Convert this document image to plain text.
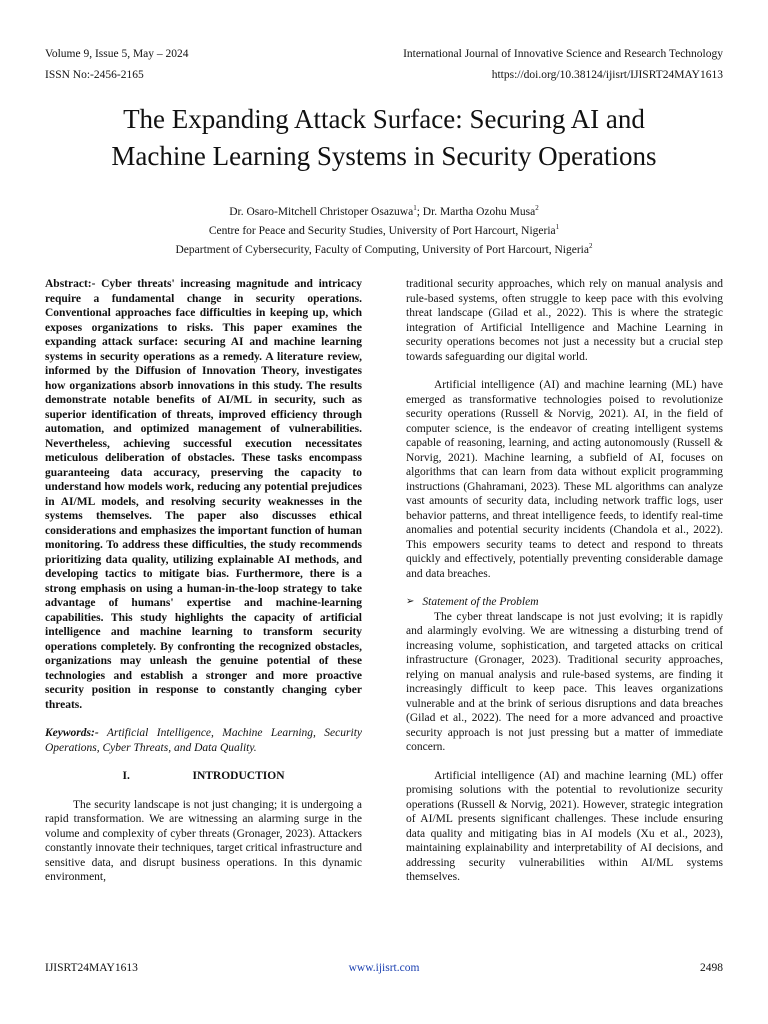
Volume 9, Issue 5, May – 2024	International Journal of Innovative Science and Research Technology
ISSN No:-2456-2165	https://doi.org/10.38124/ijisrt/IJISRT24MAY1613
The Expanding Attack Surface: Securing AI and
Machine Learning Systems in Security Operations
Dr. Osaro-Mitchell Christoper Osazuwa$^1$; Dr. Martha Ozohu Musa$^2$
Centre for Peace and Security Studies, University of Port Harcourt, Nigeria$^1$
Department of Cybersecurity, Faculty of Computing, University of Port Harcourt, Nigeria$^2$

Abstract:- Cyber threats' increasing magnitude and intricacy require a fundamental change in security operations. Conventional approaches face difficulties in keeping up, which exposes organizations to risks. This paper examines the expanding attack surface: securing AI and machine learning systems in security operations as a remedy. A literature review, informed by the Diffusion of Innovation Theory, investigates how organizations absorb innovations in this study. The results demonstrate notable benefits of AI/ML in security, such as superior identification of threats, improved efficiency through automation, and optimized management of vulnerabilities. Nevertheless, achieving successful execution necessitates meticulous deliberation of obstacles. These tasks encompass guaranteeing data accuracy, preserving the capacity to understand how models work, reducing any potential prejudices in AI/ML models, and resolving security weaknesses in the systems themselves. The paper also discusses ethical considerations and emphasizes the important function of human monitoring. To address these difficulties, the study recommends prioritizing data quality, utilizing explainable AI methods, and developing tactics to mitigate bias. Furthermore, there is a strong emphasis on using a human-in-the-loop strategy to take advantage of humans' expertise and machine-learning capabilities. This study highlights the capacity of artificial intelligence and machine learning to transform security operations completely. By confronting the recognized obstacles, organizations may unleash the genuine potential of these technologies and establish a stronger and more proactive security position in response to constantly changing cyber threats.

Keywords:- Artificial Intelligence, Machine Learning, Security Operations, Cyber Threats, and Data Quality.

I.	INTRODUCTION

The security landscape is not just changing; it is undergoing a rapid transformation. We are witnessing an alarming surge in the volume and complexity of cyber threats (Gronager, 2023). Attackers constantly innovate their techniques, target critical infrastructure and sensitive data, and disrupt business operations. In this dynamic environment,

traditional security approaches, which rely on manual analysis and rule-based systems, often struggle to keep pace with this evolving threat landscape (Gilad et al., 2022). This is where the strategic integration of Artificial Intelligence and Machine Learning in security operations becomes not just a necessity but a crucial step towards safeguarding our digital world.

Artificial intelligence (AI) and machine learning (ML) have emerged as transformative technologies poised to revolutionize security operations (Russell & Norvig, 2021). AI, in the field of computer science, is the endeavor of creating intelligent systems capable of reasoning, learning, and acting autonomously (Russell & Norvig, 2021). Machine learning, a subfield of AI, focuses on algorithms that can learn from data without explicit programming instructions (Ghahramani, 2023). These ML algorithms can analyze vast amounts of security data, including network traffic logs, user behavior patterns, and threat intelligence feeds, to identify real-time anomalies and potential security incidents (Chandola et al., 2022). This empowers security teams to detect and respond to threats quickly and effectively, potentially preventing considerable damage and data breaches.

➢ Statement of the Problem

The cyber threat landscape is not just evolving; it is rapidly and alarmingly evolving. We are witnessing a disturbing trend of increasing volume, sophistication, and targeted attacks on critical infrastructure (Gronager, 2023). Traditional security approaches, relying on manual analysis and rule-based systems, are finding it increasingly difficult to keep pace. This leaves organizations vulnerable and at the brink of serious disruptions and data breaches (Gilad et al., 2022). The need for a more advanced and proactive security approach is not just pressing but a matter of immediate concern.

Artificial intelligence (AI) and machine learning (ML) offer promising solutions with the potential to revolutionize security operations (Russell & Norvig, 2021). However, strategic integration of AI/ML presents significant challenges. These include ensuring data quality and mitigating bias in AI models (Xu et al., 2023), maintaining explainability and interpretability of AI decisions, and addressing security vulnerabilities within AI/ML systems themselves.

www.ijisrt.com
IJISRT24MAY1613	2498
